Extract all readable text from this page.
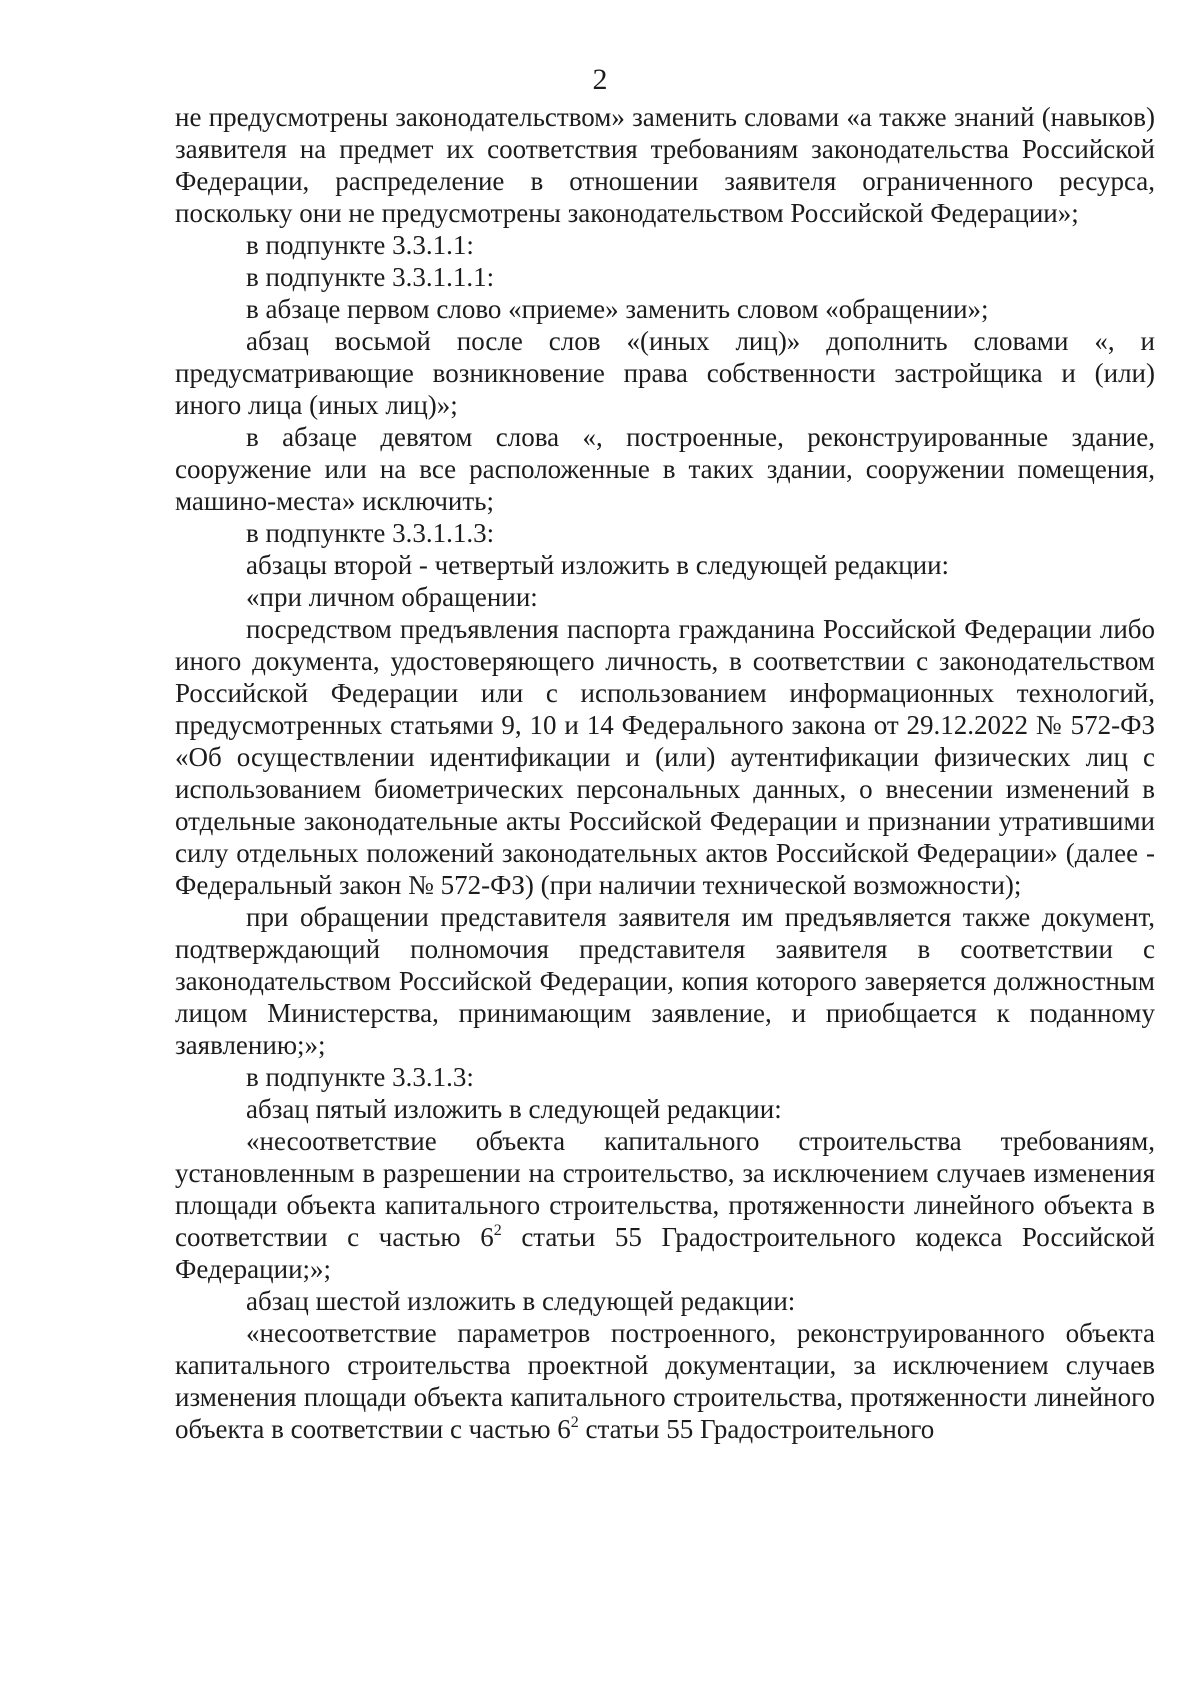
2

не предусмотрены законодательством» заменить словами «а также знаний (навыков) заявителя на предмет их соответствия требованиям законодательства Российской Федерации, распределение в отношении заявителя ограниченного ресурса, поскольку они не предусмотрены законодательством Российской Федерации»;

в подпункте 3.3.1.1:

в подпункте 3.3.1.1.1:

в абзаце первом слово «приеме» заменить словом «обращении»;

абзац восьмой после слов «(иных лиц)» дополнить словами «, и предусматривающие возникновение права собственности застройщика и (или) иного лица (иных лиц)»;

в абзаце девятом слова «, построенные, реконструированные здание, сооружение или на все расположенные в таких здании, сооружении помещения, машино-места» исключить;

в подпункте 3.3.1.1.3:

абзацы второй - четвертый изложить в следующей редакции:

«при личном обращении:

посредством предъявления паспорта гражданина Российской Федерации либо иного документа, удостоверяющего личность, в соответствии с законодательством Российской Федерации или с использованием информационных технологий, предусмотренных статьями 9, 10 и 14 Федерального закона от 29.12.2022 № 572-ФЗ «Об осуществлении идентификации и (или) аутентификации физических лиц с использованием биометрических персональных данных, о внесении изменений в отдельные законодательные акты Российской Федерации и признании утратившими силу отдельных положений законодательных актов Российской Федерации» (далее - Федеральный закон № 572-ФЗ) (при наличии технической возможности);

при обращении представителя заявителя им предъявляется также документ, подтверждающий полномочия представителя заявителя в соответствии с законодательством Российской Федерации, копия которого заверяется должностным лицом Министерства, принимающим заявление, и приобщается к поданному заявлению;»;

в подпункте 3.3.1.3:

абзац пятый изложить в следующей редакции:

«несоответствие объекта капитального строительства требованиям, установленным в разрешении на строительство, за исключением случаев изменения площади объекта капитального строительства, протяженности линейного объекта в соответствии с частью $6^2$ статьи 55 Градостроительного кодекса Российской Федерации;»;

абзац шестой изложить в следующей редакции:

«несоответствие параметров построенного, реконструированного объекта капитального строительства проектной документации, за исключением случаев изменения площади объекта капитального строительства, протяженности линейного объекта в соответствии с частью $6^2$ статьи 55 Градостроительного
